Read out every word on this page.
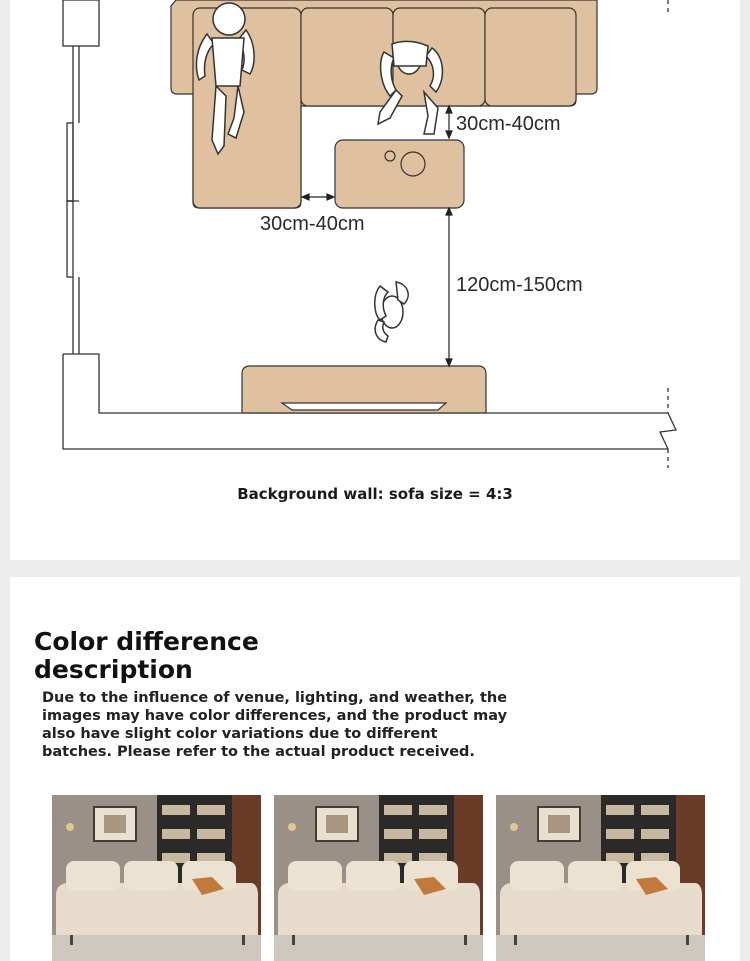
30cm-40cm
30cm-40cm
120cm-150cm
Background wall: sofa size = 4:3
Color difference description
Due to the influence of venue, lighting, and weather, the images may have color differences, and the product may also have slight color variations due to different batches. Please refer to the actual product received.
